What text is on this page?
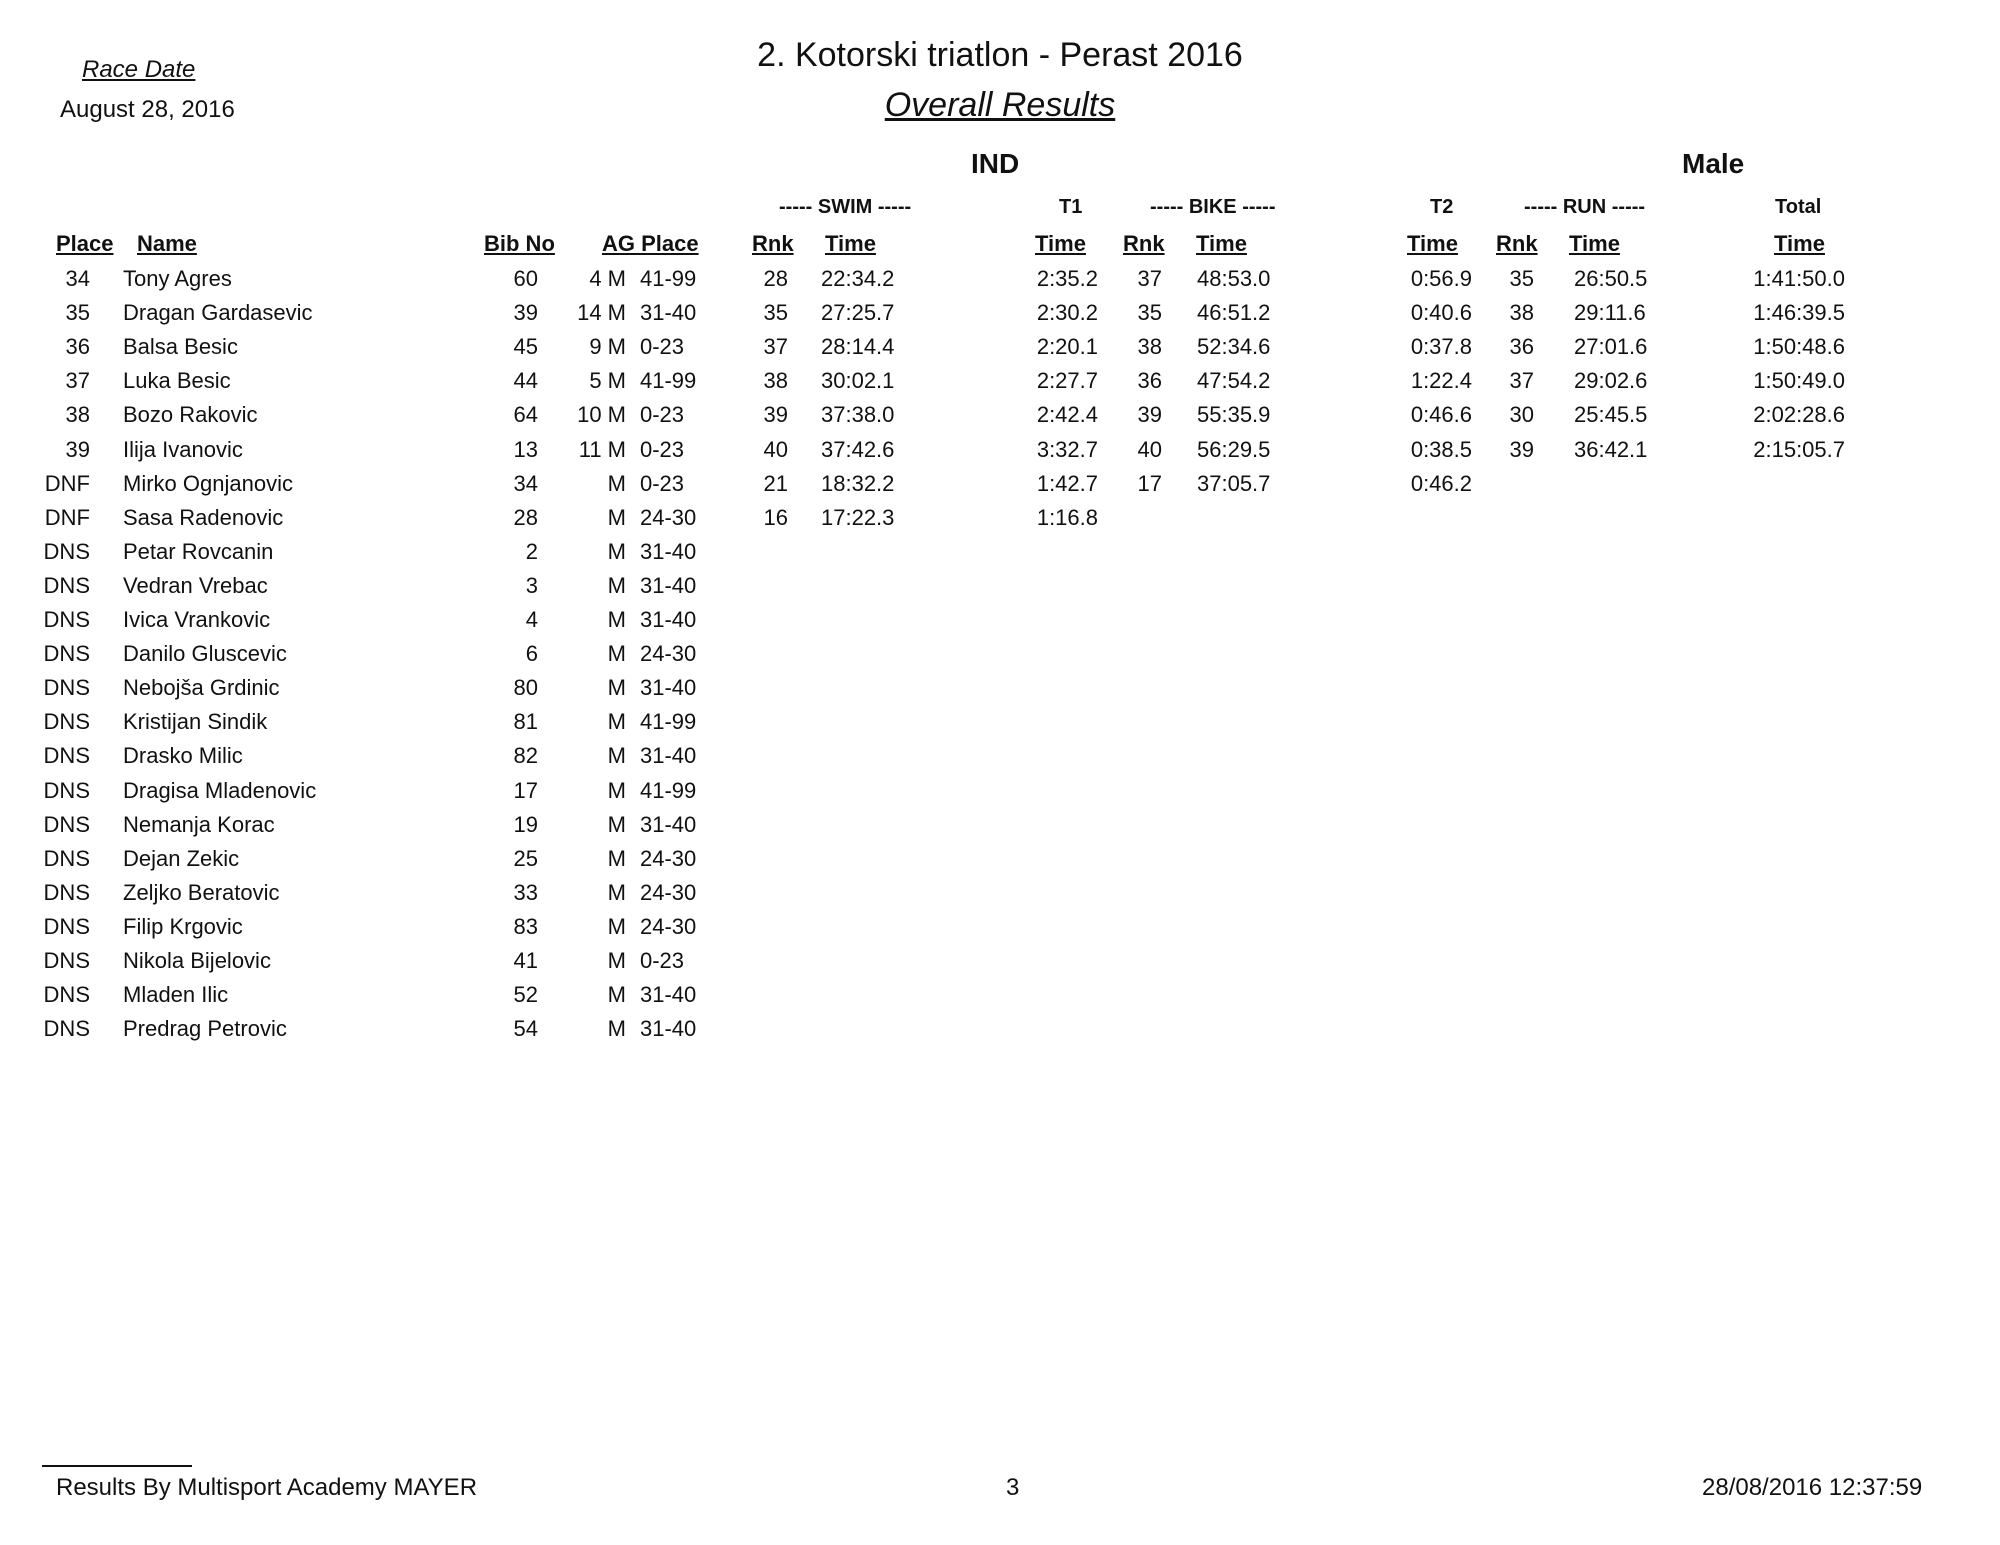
Race Date
August 28, 2016
2. Kotorski triatlon - Perast 2016
Overall Results
IND	Male
----- SWIM -----	T1	----- BIKE -----	T2	----- RUN -----	Total
Place Name	Bib No AG Place Rnk Time	Time Rnk Time	Time Rnk Time	Time
34 Tony Agres	60 4 M 41-99	28 22:34.2	2:35.2 37 48:53.0	0:56.9 35 26:50.5	1:41:50.0
35 Dragan Gardasevic	39 14 M 31-40	35 27:25.7	2:30.2 35 46:51.2	0:40.6 38 29:11.6	1:46:39.5
36 Balsa Besic	45 9 M 0-23	37 28:14.4	2:20.1 38 52:34.6	0:37.8 36 27:01.6	1:50:48.6
37 Luka Besic	44 5 M 41-99	38 30:02.1	2:27.7 36 47:54.2	1:22.4 37 29:02.6	1:50:49.0
38 Bozo Rakovic	64 10 M 0-23	39 37:38.0	2:42.4 39 55:35.9	0:46.6 30 25:45.5	2:02:28.6
39 Ilija Ivanovic	13 11 M 0-23	40 37:42.6	3:32.7 40 56:29.5	0:38.5 39 36:42.1	2:15:05.7
DNF Mirko Ognjanovic	34	M 0-23	21 18:32.2	1:42.7 17 37:05.7	0:46.2
DNF Sasa Radenovic	28	M 24-30	16 17:22.3	1:16.8
DNS Petar Rovcanin	2	M 31-40
DNS Vedran Vrebac	3	M 31-40
DNS Ivica Vrankovic	4	M 31-40
DNS Danilo Gluscevic	6	M 24-30
DNS Nebojša Grdinic	80	M 31-40
DNS Kristijan Sindik	81	M 41-99
DNS Drasko Milic	82	M 31-40
DNS Dragisa Mladenovic	17	M 41-99
DNS Nemanja Korac	19	M 31-40
DNS Dejan Zekic	25	M 24-30
DNS Zeljko Beratovic	33	M 24-30
DNS Filip Krgovic	83	M 24-30
DNS Nikola Bijelovic	41	M 0-23
DNS Mladen Ilic	52	M 31-40
DNS Predrag Petrovic	54	M 31-40
Results By Multisport Academy MAYER	3	28/08/2016 12:37:59
